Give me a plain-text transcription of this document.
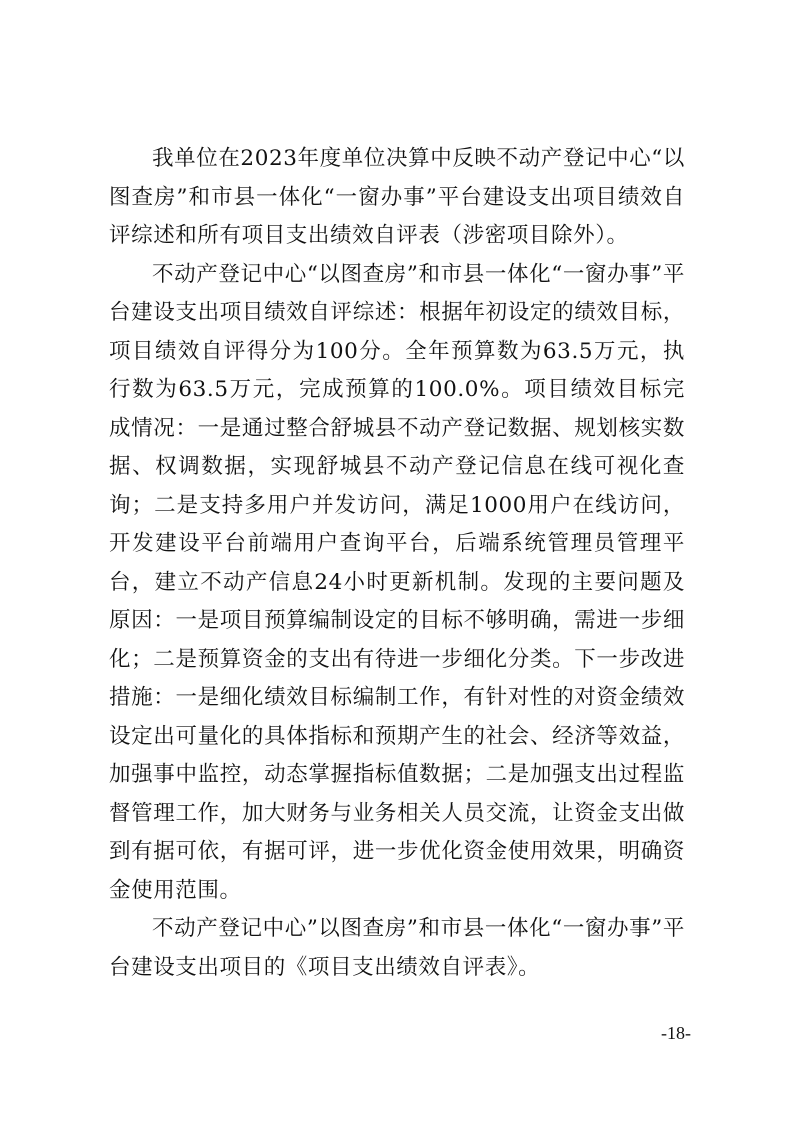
我单位在2023年度单位决算中反映不动产登记中心“以图查房”和市县一体化“一窗办事”平台建设支出项目绩效自评综述和所有项目支出绩效自评表（涉密项目除外）。

不动产登记中心“以图查房”和市县一体化“一窗办事”平台建设支出项目绩效自评综述：根据年初设定的绩效目标，项目绩效自评得分为100分。全年预算数为63.5万元，执行数为63.5万元，完成预算的100.0%。项目绩效目标完成情况：一是通过整合舒城县不动产登记数据、规划核实数据、权调数据，实现舒城县不动产登记信息在线可视化查询；二是支持多用户并发访问，满足1000用户在线访问，开发建设平台前端用户查询平台，后端系统管理员管理平台，建立不动产信息24小时更新机制。发现的主要问题及原因：一是项目预算编制设定的目标不够明确，需进一步细化；二是预算资金的支出有待进一步细化分类。下一步改进措施：一是细化绩效目标编制工作，有针对性的对资金绩效设定出可量化的具体指标和预期产生的社会、经济等效益，加强事中监控，动态掌握指标值数据；二是加强支出过程监督管理工作，加大财务与业务相关人员交流，让资金支出做到有据可依，有据可评，进一步优化资金使用效果，明确资金使用范围。

不动产登记中心”以图查房”和市县一体化“一窗办事”平台建设支出项目的《项目支出绩效自评表》。

-18-
